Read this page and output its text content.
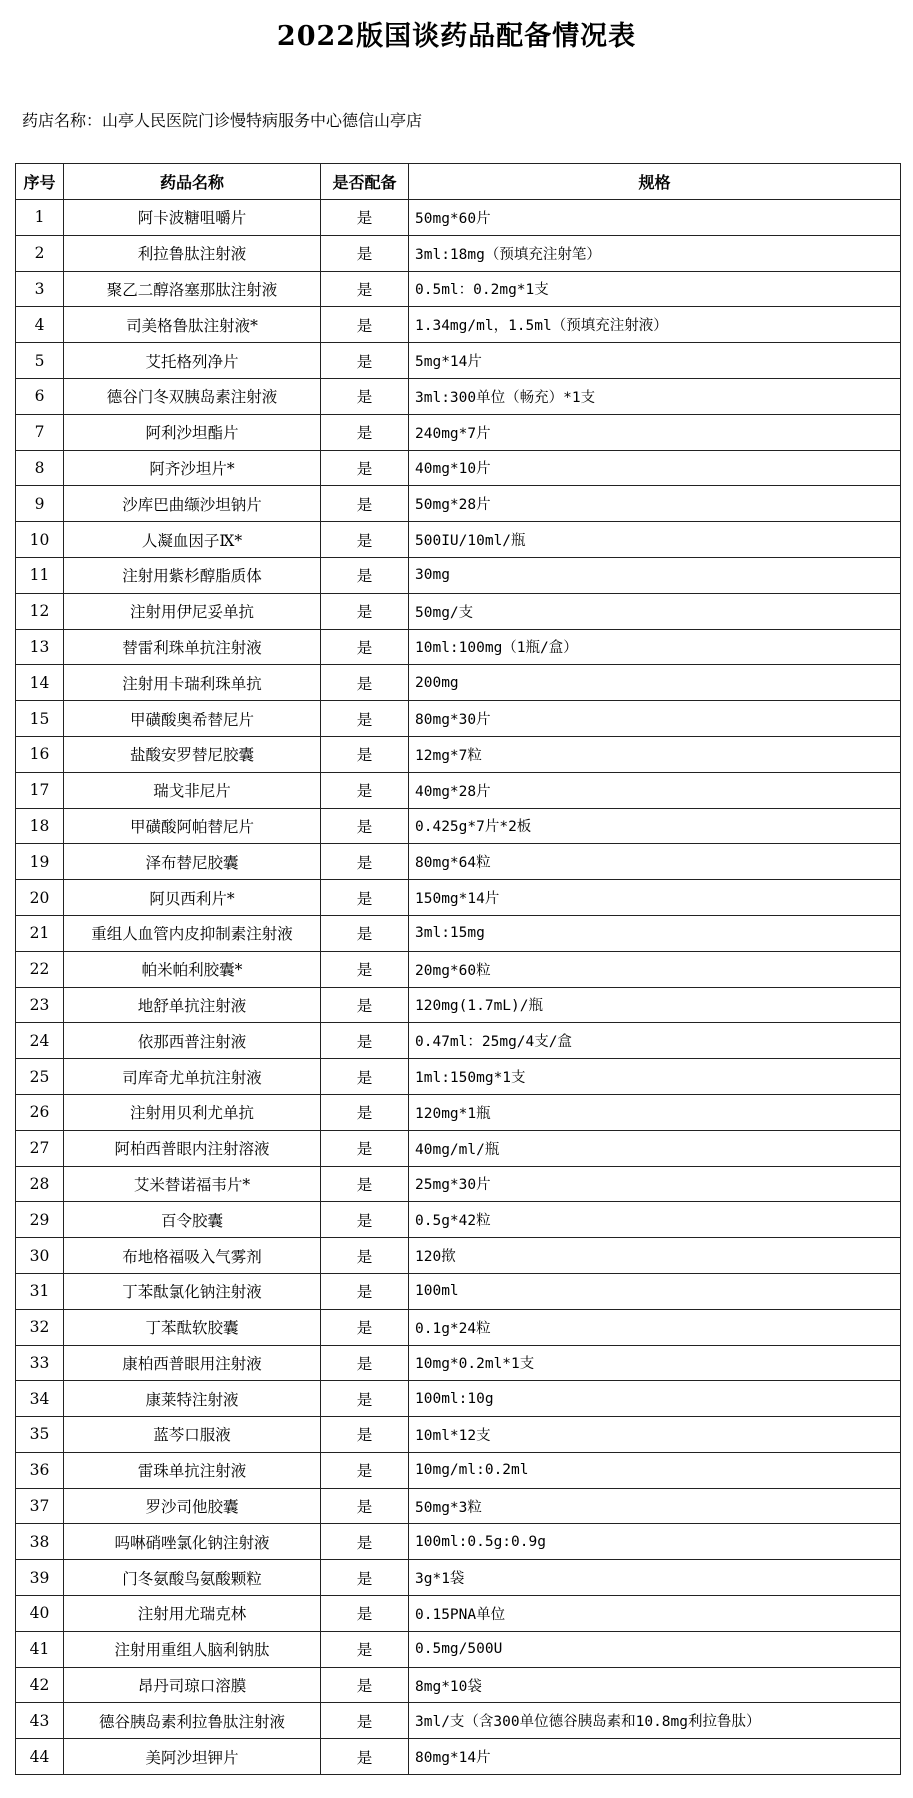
2022版国谈药品配备情况表
药店名称：山亭人民医院门诊慢特病服务中心德信山亭店
序号	药品名称	是否配备	规格
1	阿卡波糖咀嚼片	是	50mg*60片
2	利拉鲁肽注射液	是	3ml:18mg（预填充注射笔）
3	聚乙二醇洛塞那肽注射液	是	0.5ml：0.2mg*1支
4	司美格鲁肽注射液*	是	1.34mg/ml，1.5ml（预填充注射液）
5	艾托格列净片	是	5mg*14片
6	德谷门冬双胰岛素注射液	是	3ml:300单位（畅充）*1支
7	阿利沙坦酯片	是	240mg*7片
8	阿齐沙坦片*	是	40mg*10片
9	沙库巴曲缬沙坦钠片	是	50mg*28片
10	人凝血因子Ⅸ*	是	500IU/10ml/瓶
11	注射用紫杉醇脂质体	是	30mg
12	注射用伊尼妥单抗	是	50mg/支
13	替雷利珠单抗注射液	是	10ml:100mg（1瓶/盒）
14	注射用卡瑞利珠单抗	是	200mg
15	甲磺酸奥希替尼片	是	80mg*30片
16	盐酸安罗替尼胶囊	是	12mg*7粒
17	瑞戈非尼片	是	40mg*28片
18	甲磺酸阿帕替尼片	是	0.425g*7片*2板
19	泽布替尼胶囊	是	80mg*64粒
20	阿贝西利片*	是	150mg*14片
21	重组人血管内皮抑制素注射液	是	3ml:15mg
22	帕米帕利胶囊*	是	20mg*60粒
23	地舒单抗注射液	是	120mg(1.7mL)/瓶
24	依那西普注射液	是	0.47ml：25mg/4支/盒
25	司库奇尤单抗注射液	是	1ml:150mg*1支
26	注射用贝利尤单抗	是	120mg*1瓶
27	阿柏西普眼内注射溶液	是	40mg/ml/瓶
28	艾米替诺福韦片*	是	25mg*30片
29	百令胶囊	是	0.5g*42粒
30	布地格福吸入气雾剂	是	120揿
31	丁苯酞氯化钠注射液	是	100ml
32	丁苯酞软胶囊	是	0.1g*24粒
33	康柏西普眼用注射液	是	10mg*0.2ml*1支
34	康莱特注射液	是	100ml:10g
35	蓝芩口服液	是	10ml*12支
36	雷珠单抗注射液	是	10mg/ml:0.2ml
37	罗沙司他胶囊	是	50mg*3粒
38	吗啉硝唑氯化钠注射液	是	100ml:0.5g:0.9g
39	门冬氨酸鸟氨酸颗粒	是	3g*1袋
40	注射用尤瑞克林	是	0.15PNA单位
41	注射用重组人脑利钠肽	是	0.5mg/500U
42	昂丹司琼口溶膜	是	8mg*10袋
43	德谷胰岛素利拉鲁肽注射液	是	3ml/支（含300单位德谷胰岛素和10.8mg利拉鲁肽）
44	美阿沙坦钾片	是	80mg*14片
